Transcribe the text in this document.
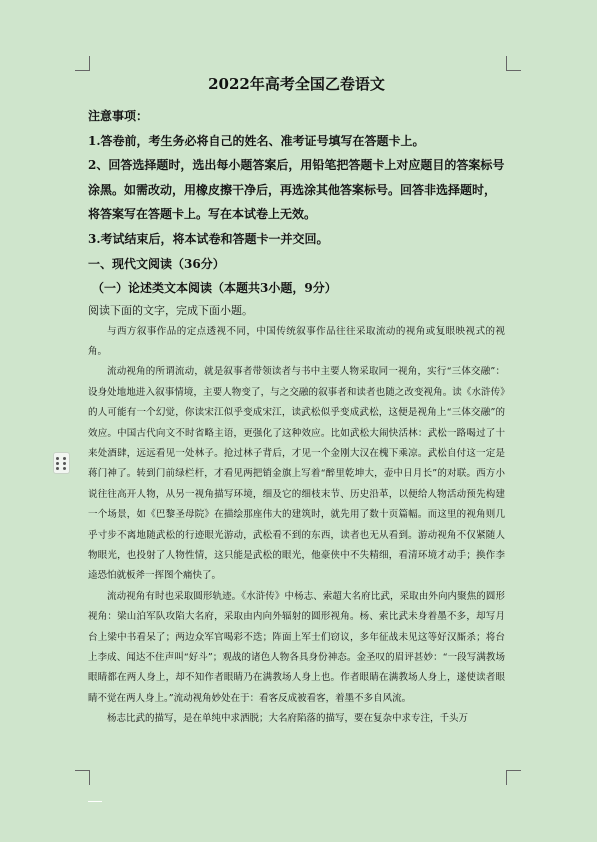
2022年高考全国乙卷语文

注意事项：

1.答卷前，考生务必将自己的姓名、准考证号填写在答题卡上。

2、回答选择题时，选出每小题答案后，用铅笔把答题卡上对应题目的答案标号涂黑。如需改动，用橡皮擦干净后，再选涂其他答案标号。回答非选择题时，将答案写在答题卡上。写在本试卷上无效。

3.考试结束后，将本试卷和答题卡一并交回。

一、现代文阅读（36分）

（一）论述类文本阅读（本题共3小题，9分）

阅读下面的文字，完成下面小题。

与西方叙事作品的定点透视不同，中国传统叙事作品往往采取流动的视角或复眼映视式的视角。

流动视角的所谓流动，就是叙事者带领读者与书中主要人物采取同一视角，实行“三体交融”：设身处地地进入叙事情境，主要人物变了，与之交融的叙事者和读者也随之改变视角。读《水浒传》的人可能有一个幻觉，你读宋江似乎变成宋江，读武松似乎变成武松，这便是视角上“三体交融”的效应。中国古代向文不时省略主语，更强化了这种效应。比如武松大闹快活林：武松一路喝过了十来处酒肆，远远看见一处林子。抢过林子背后，才见一个金刚大汉在槐下乘凉。武松自付这一定是蒋门神了。转到门前绿栏杆，才看见两把销金旗上写着“醉里乾坤大，壶中日月长”的对联。西方小说往往高开人物，从另一视角描写环境，细及它的细枝末节、历史沿革，以便给人物活动预先构建一个场景，如《巴黎圣母院》在描绘那座伟大的建筑时，就先用了数十页篇幅。而这里的视角则几乎寸步不离地随武松的行迹眼光游动，武松看不到的东西，读者也无从看到。游动视角不仅紧随人物眼光，也投射了人物性情，这只能是武松的眼光，他豪侠中不失精细，看清环境才动手；换作李逵恐怕就板斧一挥图个痛快了。

流动视角有时也采取圆形轨迹。《水浒传》中杨志、索超大名府比武，采取由外向内聚焦的圆形视角：梁山泊军队攻陷大名府，采取由内向外辐射的圆形视角。杨、索比武未身着墨不多，却写月台上梁中书看呆了；两边众军官喝彩不迭；阵面上军士们窃议，多年征战未见这等好汉厮杀；将台上李成、闻达不住声叫“好斗”；观战的诸色人物各具身份神态。金圣叹的眉评甚妙：“一段写满教场眼睛都在两人身上，却不知作者眼睛乃在满教场人身上也。作者眼睛在满教场人身上，遂使读者眼睛不觉在两人身上。”流动视角妙处在于：看客反成被看客，着墨不多自风流。

杨志比武的描写，是在单纯中求洒脱；大名府陷落的描写，要在复杂中求专注，千头万
